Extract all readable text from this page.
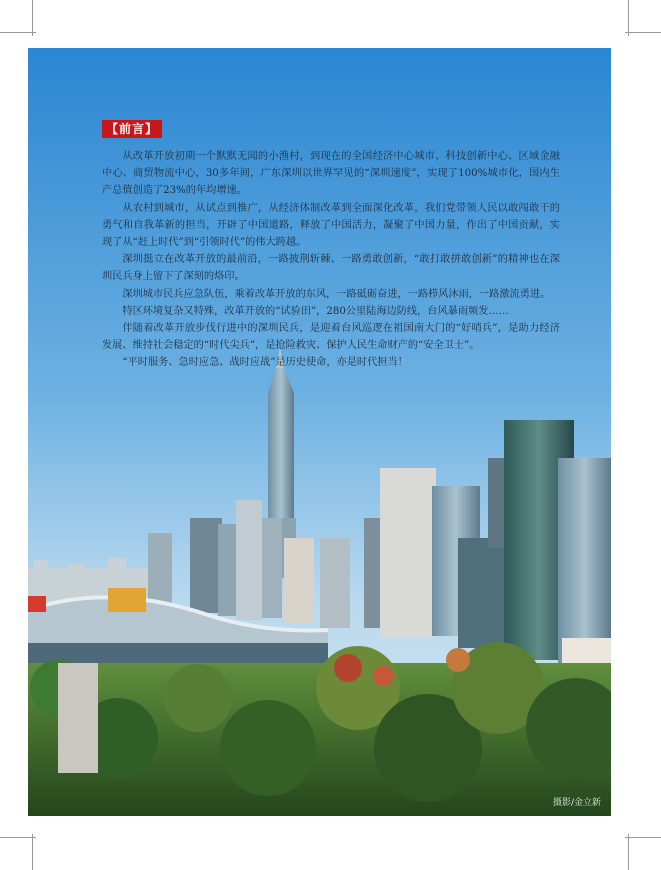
【前言】

从改革开放初期一个默默无闻的小渔村，到现在的全国经济中心城市、科技创新中心、区域金融中心、商贸物流中心，30多年间，广东深圳以世界罕见的“深圳速度”，实现了100%城市化，国内生产总值创造了23%的年均增速。

从农村到城市，从试点到推广，从经济体制改革到全面深化改革，我们党带领人民以敢闯敢干的勇气和自我革新的担当，开辟了中国道路，释放了中国活力，凝聚了中国力量，作出了中国贡献，实现了从“赶上时代”到“引领时代”的伟大跨越。

深圳挺立在改革开放的最前沿，一路披荆斩棘、一路勇敢创新，“敢打敢拼敢创新”的精神也在深圳民兵身上留下了深刻的烙印。

深圳城市民兵应急队伍，乘着改革开放的东风，一路砥砺奋进，一路栉风沐雨，一路激流勇进。

特区环境复杂又特殊，改革开放的“试验田”，280公里陆海边防线，台风暴雨频发……

伴随着改革开放步伐行进中的深圳民兵，是迎着台风巡逻在祖国南大门的“好哨兵”，是助力经济发展、维持社会稳定的“时代尖兵”，是抢险救灾、保护人民生命财产的“安全卫士”。

“平时服务、急时应急、战时应战”是历史使命，亦是时代担当！

摄影/金立新
